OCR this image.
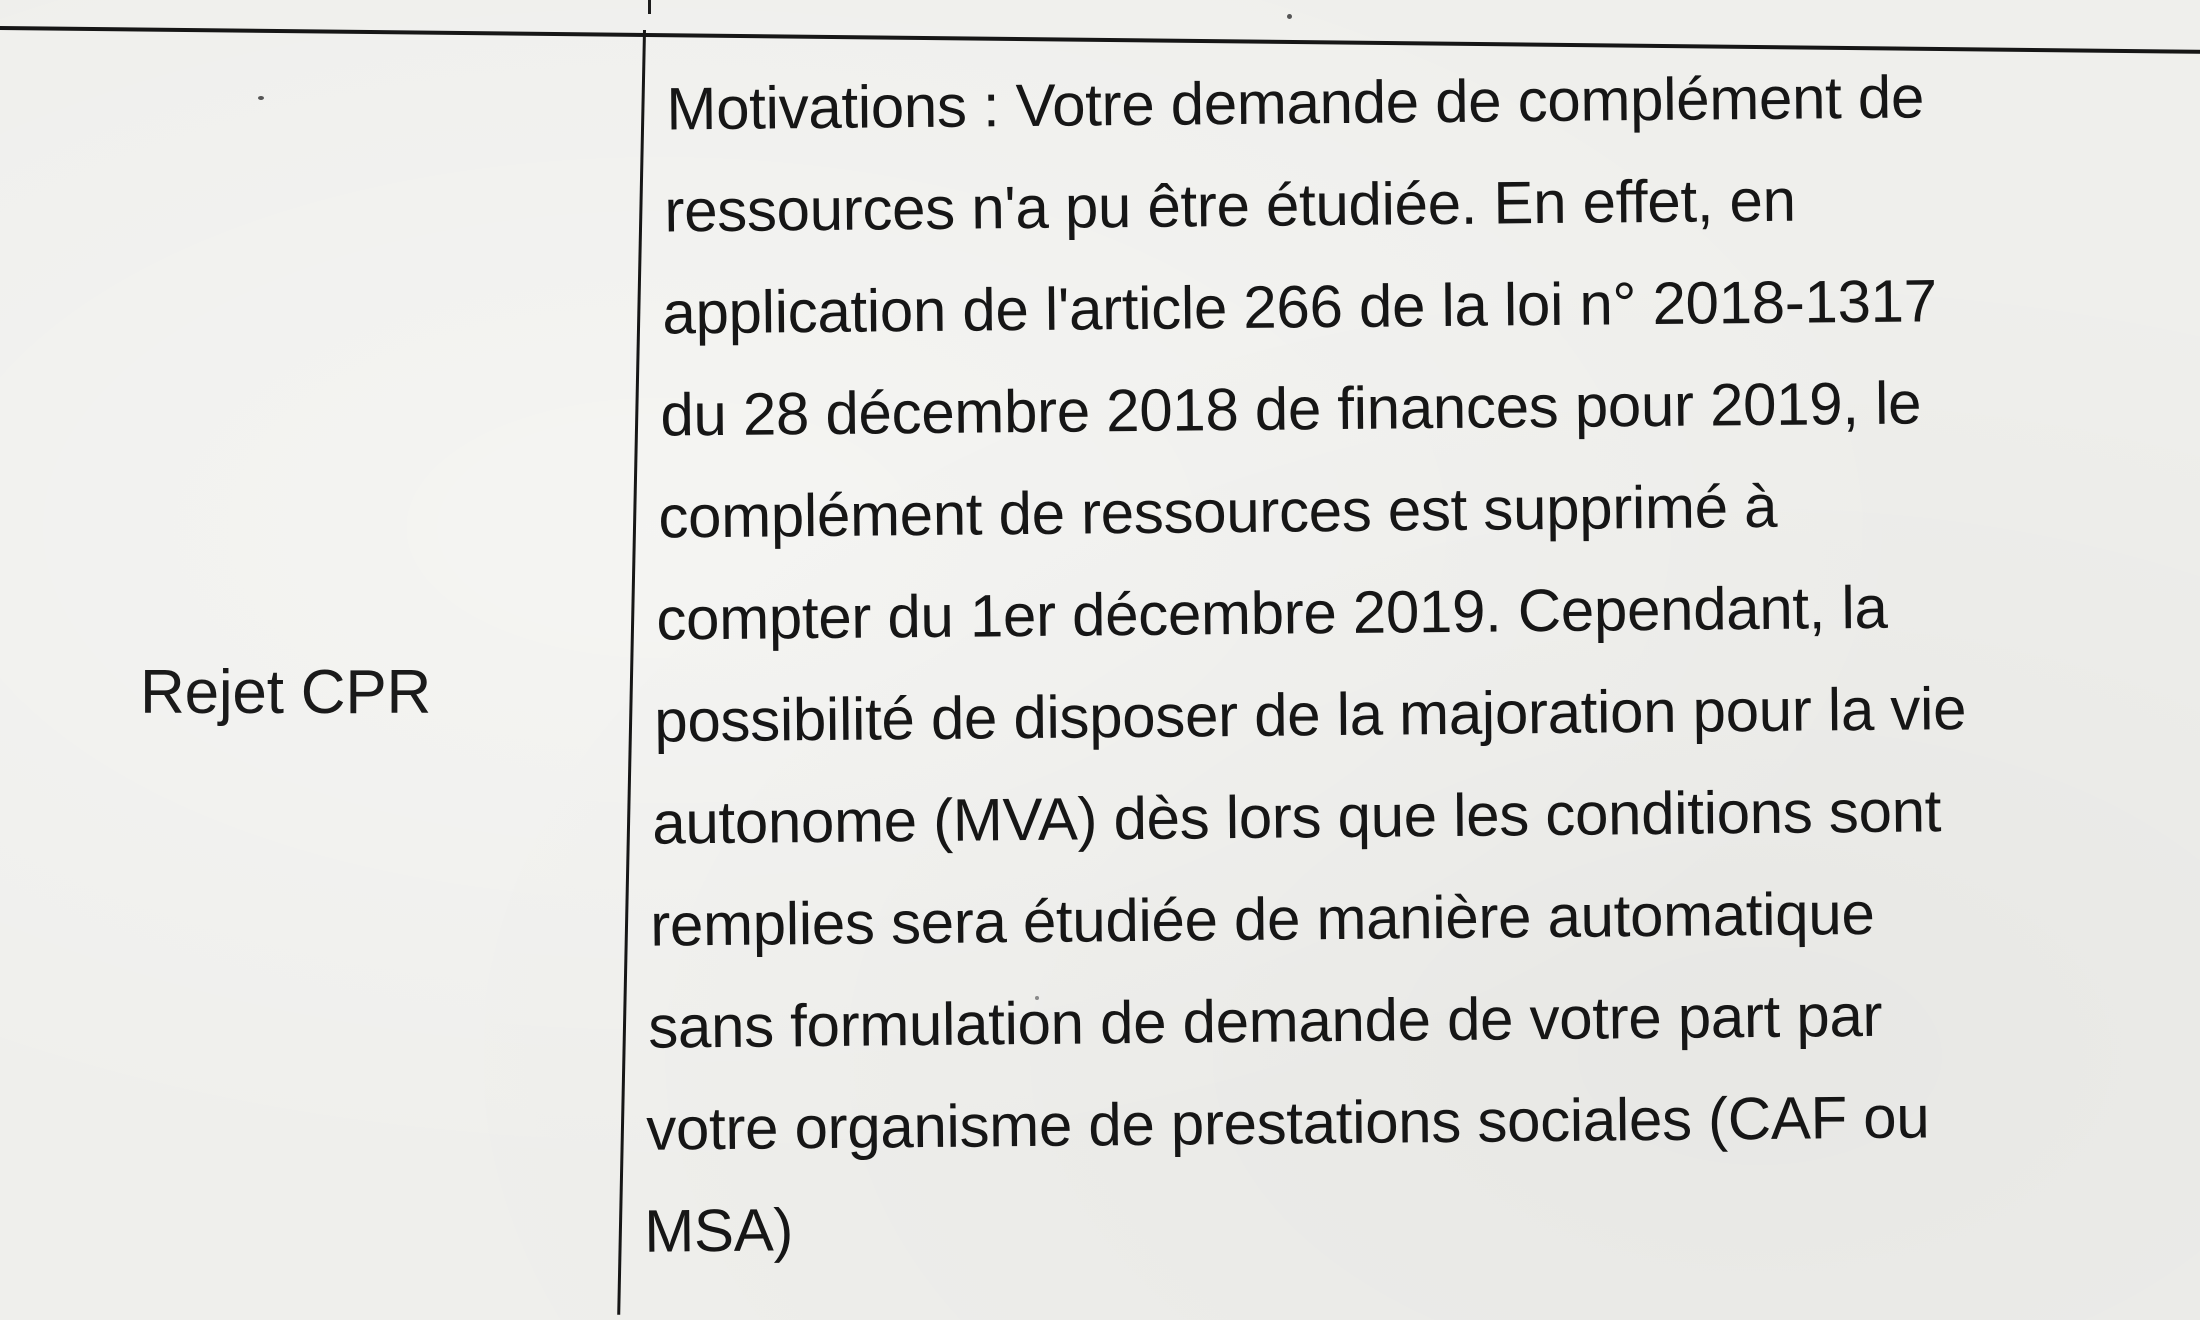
Rejet CPR
Motivations : Votre demande de complément de
ressources n'a pu être étudiée. En effet, en
application de l'article 266 de la loi n° 2018-1317
du 28 décembre 2018 de finances pour 2019, le
complément de ressources est supprimé à
compter du 1er décembre 2019. Cependant, la
possibilité de disposer de la majoration pour la vie
autonome (MVA) dès lors que les conditions sont
remplies sera étudiée de manière automatique
sans formulation de demande de votre part par
votre organisme de prestations sociales (CAF ou
MSA)
